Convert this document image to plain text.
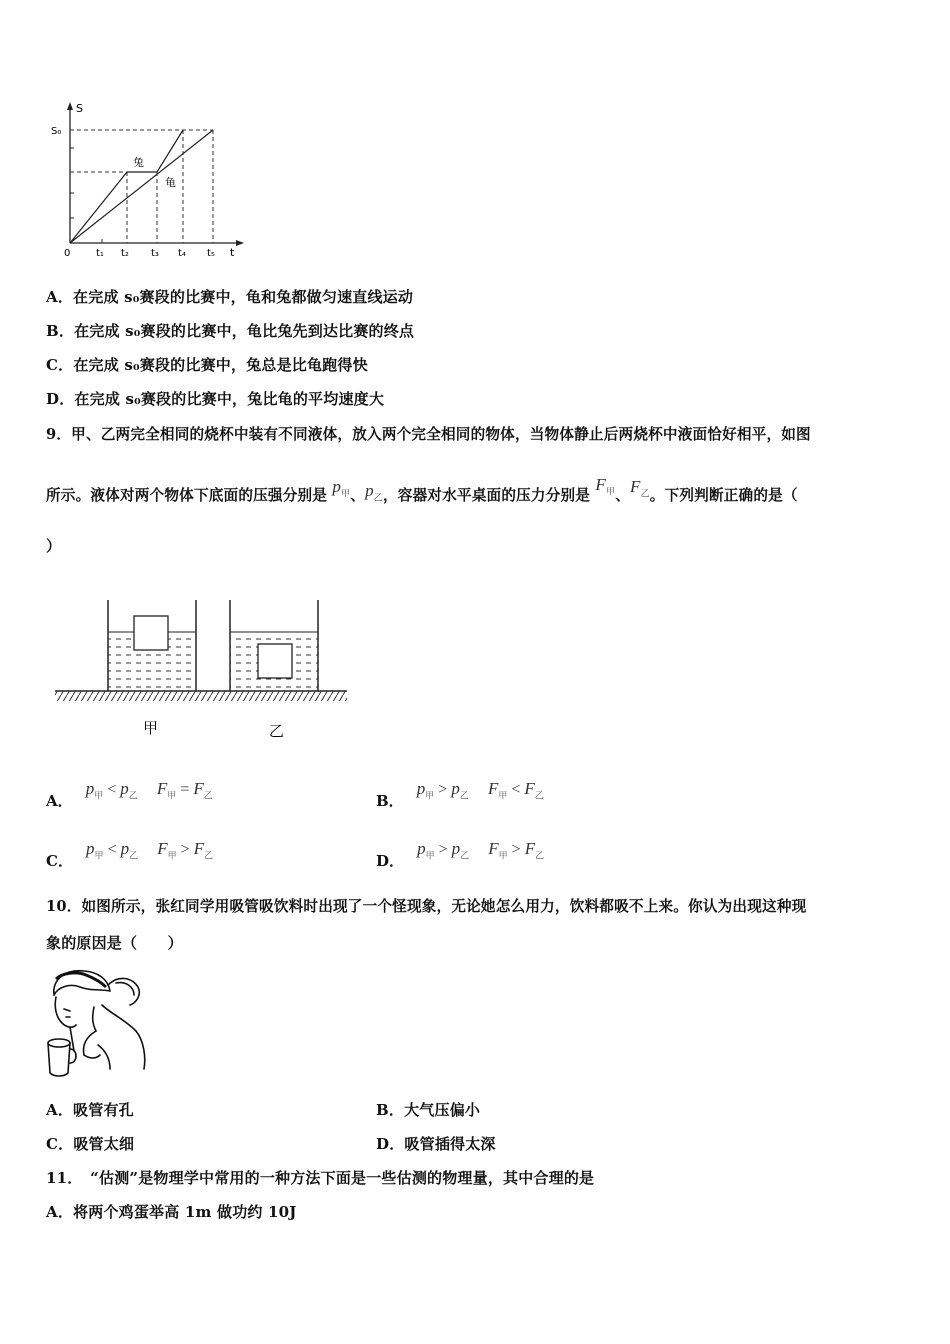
S
S₀
0	t
t₁ t₂ t₃ t₄ t₅
兔
龟
A．在完成 s₀赛段的比赛中，龟和兔都做匀速直线运动
B．在完成 s₀赛段的比赛中，龟比兔先到达比赛的终点
C．在完成 s₀赛段的比赛中，兔总是比龟跑得快
D．在完成 s₀赛段的比赛中，兔比龟的平均速度大
9．甲、乙两完全相同的烧杯中装有不同液体，放入两个完全相同的物体，当物体静止后两烧杯中液面恰好相平，如图
所示。液体对两个物体下底面的压强分别是 $p_甲$、$p_乙$，容器对水平桌面的压力分别是 $F_甲$、$F_乙$。下列判断正确的是（
）
甲	乙
A． $p_甲 < p_乙$ $F_甲 = F_乙$	B． $p_甲 > p_乙$ $F_甲 < F_乙$
C． $p_甲 < p_乙$ $F_甲 > F_乙$	D． $p_甲 > p_乙$ $F_甲 > F_乙$
10．如图所示，张红同学用吸管吸饮料时出现了一个怪现象，无论她怎么用力，饮料都吸不上来。你认为出现这种现
象的原因是（　　）
A．吸管有孔	B．大气压偏小
C．吸管太细	D．吸管插得太深
11．　“估测”是物理学中常用的一种方法下面是一些估测的物理量，其中合理的是
A．将两个鸡蛋举高 1m 做功约 10J
